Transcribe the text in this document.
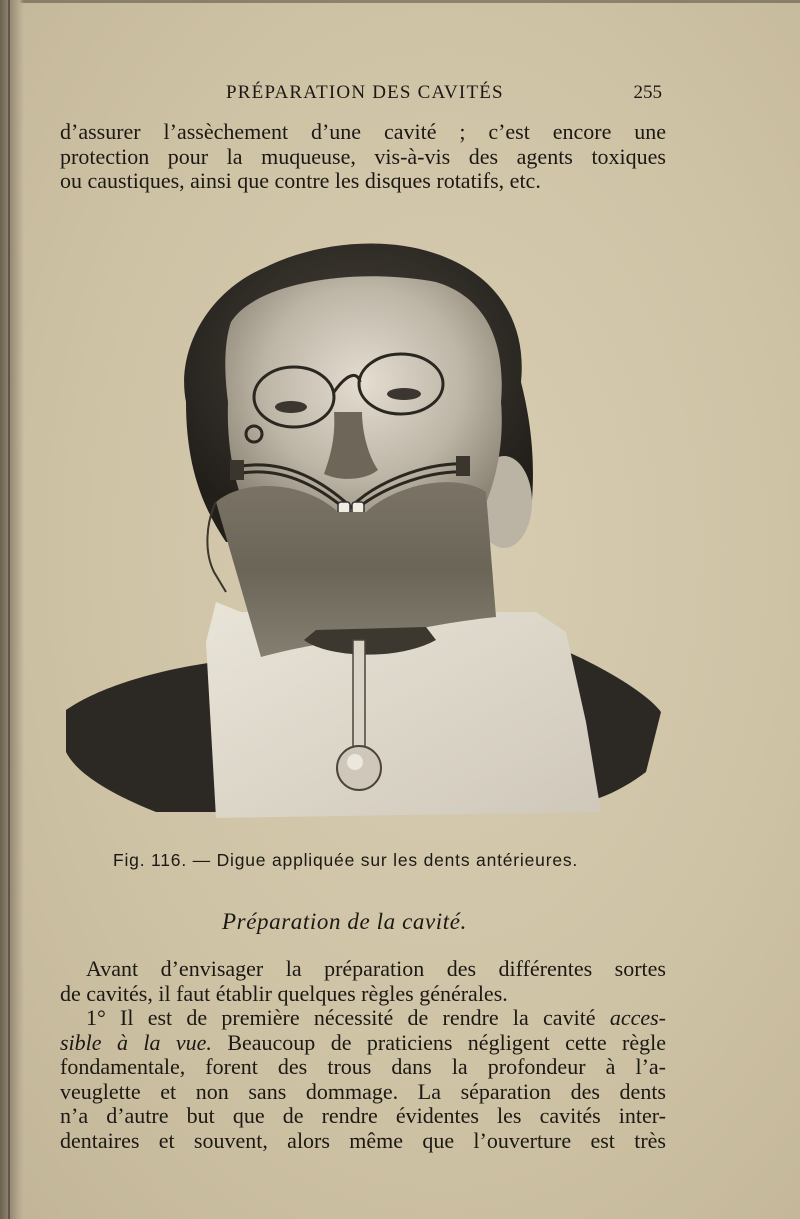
PRÉPARATION DES CAVITÉS	255
d’assurer l’assèchement d’une cavité ; c’est encore une
protection pour la muqueuse, vis-à-vis des agents toxiques
ou caustiques, ainsi que contre les disques rotatifs, etc.
Fig. 116. — Digue appliquée sur les dents antérieures.
Préparation de la cavité.
Avant d’envisager la préparation des différentes sortes
de cavités, il faut établir quelques règles générales.
1° Il est de première nécessité de rendre la cavité acces-
sible à la vue. Beaucoup de praticiens négligent cette règle
fondamentale, forent des trous dans la profondeur à l’a-
veuglette et non sans dommage. La séparation des dents
n’a d’autre but que de rendre évidentes les cavités inter-
dentaires et souvent, alors même que l’ouverture est très
